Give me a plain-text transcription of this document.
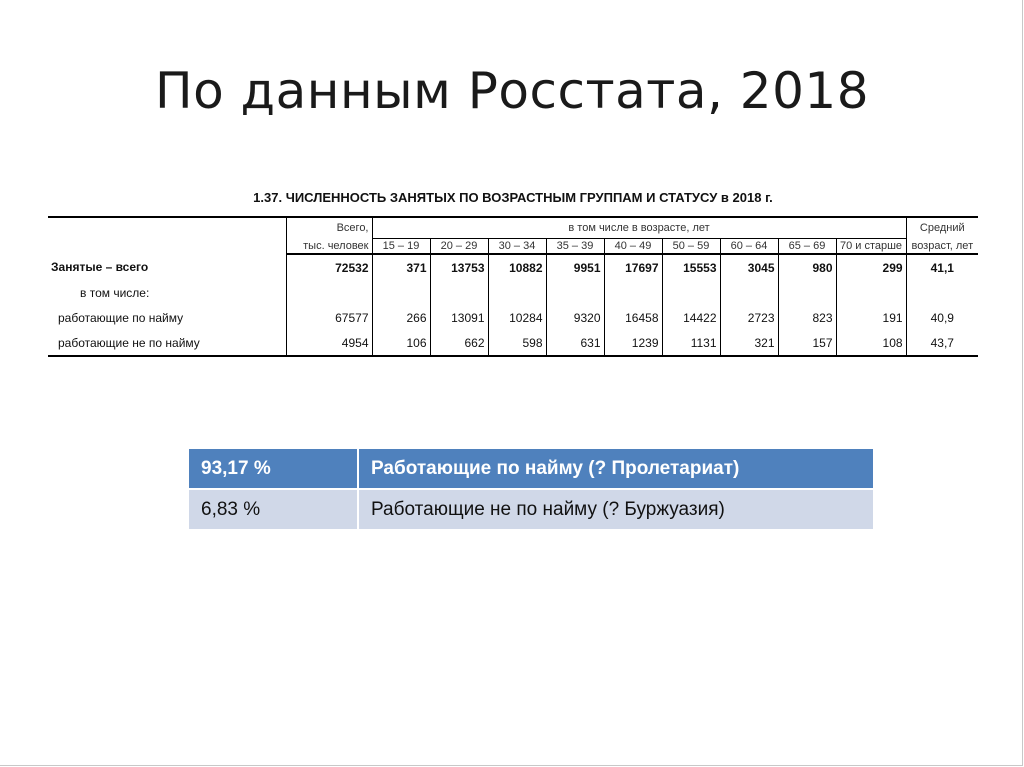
По данным Росстата, 2018
1.37. ЧИСЛЕННОСТЬ ЗАНЯТЫХ ПО ВОЗРАСТНЫМ ГРУППАМ И СТАТУСУ в 2018 г.
	Всего,	в том числе в возрасте, лет									Средний
	тыс. человек	15 – 19	20 – 29	30 – 34	35 – 39	40 – 49	50 – 59	60 – 64	65 – 69	70 и старше	возраст, лет
Занятые – всего	72532	371	13753	10882	9951	17697	15553	3045	980	299	41,1
в том числе:											
работающие по найму	67577	266	13091	10284	9320	16458	14422	2723	823	191	40,9
работающие не по найму	4954	106	662	598	631	1239	1131	321	157	108	43,7
93,17 %	Работающие по найму (? Пролетариат)
6,83 %	Работающие не по найму (? Буржуазия)
